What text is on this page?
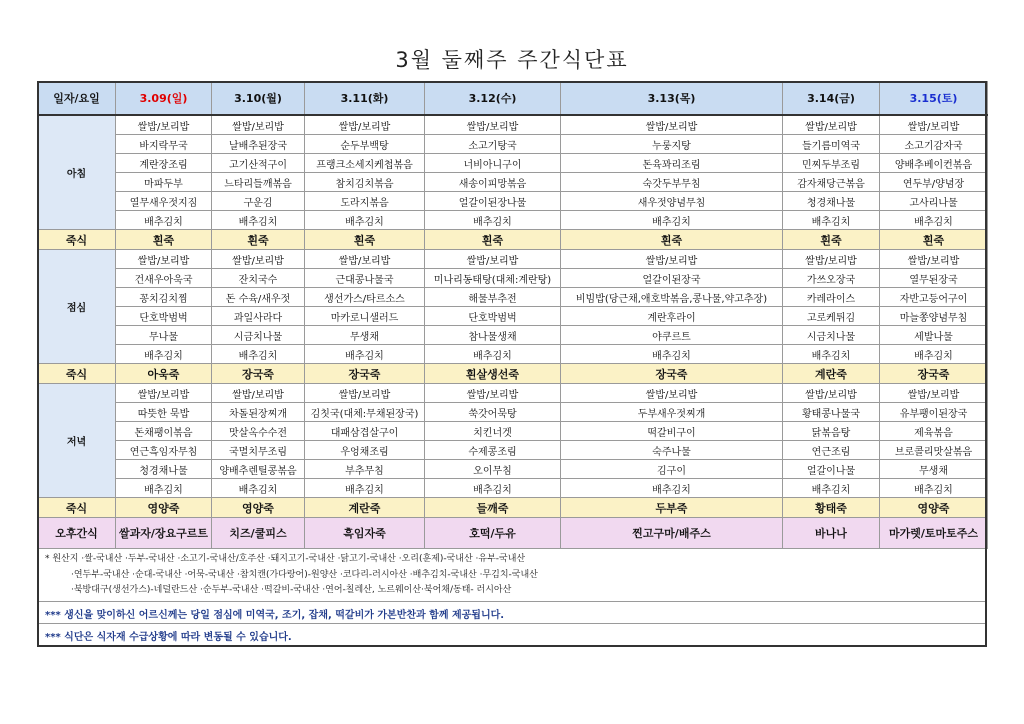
3월 둘째주 주간식단표
일자/요일	3.09(일)	3.10(월)	3.11(화)	3.12(수)	3.13(목)	3.14(금)	3.15(토)
아침	쌀밥/보리밥	쌀밥/보리밥	쌀밥/보리밥	쌀밥/보리밥	쌀밥/보리밥	쌀밥/보리밥	쌀밥/보리밥
	바지락무국	날배추된장국	순두부백탕	소고기탕국	누룽지탕	들기름미역국	소고기감자국
	계란장조림	고기산적구이	프랭크소세지케첩볶음	너비아니구이	돈육꽈리조림	민찌두부조림	양배추베이컨볶음
	마파두부	느타리들깨볶음	참치김치볶음	새송이피망볶음	숙갓두부무침	감자채당근볶음	연두부/양념장
	열무새우젓지짐	구운김	도라지볶음	얼갈이된장나물	새우젓양념무침	청경채나물	고사리나물
	배추김치	배추김치	배추김치	배추김치	배추김치	배추김치	배추김치
죽식	흰죽	흰죽	흰죽	흰죽	흰죽	흰죽	흰죽
점심	쌀밥/보리밥	쌀밥/보리밥	쌀밥/보리밥	쌀밥/보리밥	쌀밥/보리밥	쌀밥/보리밥	쌀밥/보리밥
	건새우아욱국	잔치국수	근대콩나물국	미나리동태탕(대체:계란탕)	얼갈이된장국	가쓰오장국	열무된장국
	꽁치김치찜	돈 수육/새우젓	생선가스/타르소스	해물부추전	비빔밥(당근채,애호박볶음,콩나물,약고추장)	카레라이스	자반고등어구이
	단호박범벅	과일사라다	마카로니샐러드	단호박범벅	계란후라이	고로케튀김	마늘쫑양념무침
	무나물	시금치나물	무생채	참나물생채	야쿠르트	시금치나물	세발나물
	배추김치	배추김치	배추김치	배추김치	배추김치	배추김치	배추김치
죽식	아욱죽	장국죽	장국죽	흰살생선죽	장국죽	계란죽	장국죽
저녁	쌀밥/보리밥	쌀밥/보리밥	쌀밥/보리밥	쌀밥/보리밥	쌀밥/보리밥	쌀밥/보리밥	쌀밥/보리밥
	따뜻한 묵밥	차돌된장찌개	김칫국(대체:무채된장국)	쑥갓어묵탕	두부새우젓찌개	황태콩나물국	유부팽이된장국
	돈채팽이볶음	맛살옥수수전	대패삼겹살구이	치킨너겟	떡갈비구이	닭볶음탕	제육볶음
	연근흑임자무침	국멸치무조림	우엉채조림	수제콩조림	숙주나물	연근조림	브로콜리맛살볶음
	청경채나물	양배추렌틸콩볶음	부추무침	오이무침	김구이	얼갈이나물	무생채
	배추김치	배추김치	배추김치	배추김치	배추김치	배추김치	배추김치
죽식	영양죽	영양죽	계란죽	들깨죽	두부죽	황태죽	영양죽
오후간식	쌀과자/장요구르트	치즈/쿨피스	흑임자죽	호떡/두유	찐고구마/배주스	바나나	마가렛/토마토주스
* 원산지 ·쌀-국내산 ·두부-국내산 ·소고기-국내산/호주산 ·돼지고기-국내산 ·닭고기-국내산 ·오리(훈제)-국내산 ·유부-국내산
·연두부-국내산 ·순대-국내산 ·어묵-국내산 ·참치캔(가다랑어)-원양산 ·코다리-러시아산 ·배추김치-국내산 ·무김치-국내산
·북방대구(생선가스)-네덜란드산 ·순두부-국내산 ·떡갈비-국내산 ·연어-칠레산, 노르웨이산·북어채/동태- 러시아산
*** 생신을 맞이하신 어르신께는 당일 점심에 미역국, 조기, 잡채, 떡갈비가 가본반찬과 함께 제공됩니다.
*** 식단은 식자재 수급상황에 따라 변동될 수 있습니다.
